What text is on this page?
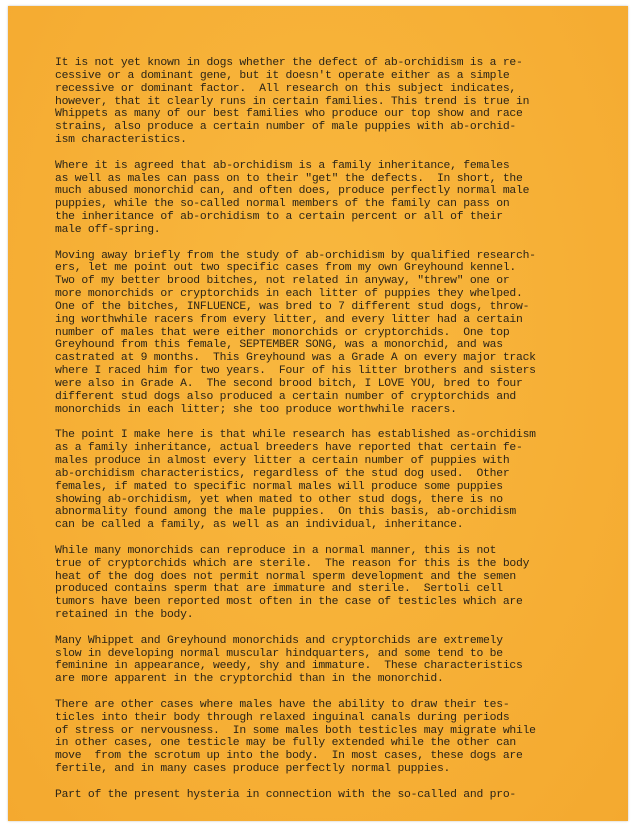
It is not yet known in dogs whether the defect of ab-orchidism is a re-
cessive or a dominant gene, but it doesn't operate either as a simple
recessive or dominant factor.  All research on this subject indicates,
however, that it clearly runs in certain families. This trend is true in
Whippets as many of our best families who produce our top show and race
strains, also produce a certain number of male puppies with ab-orchid-
ism characteristics.
Where it is agreed that ab-orchidism is a family inheritance, females
as well as males can pass on to their "get" the defects.  In short, the
much abused monorchid can, and often does, produce perfectly normal male
puppies, while the so-called normal members of the family can pass on
the inheritance of ab-orchidism to a certain percent or all of their
male off-spring.
Moving away briefly from the study of ab-orchidism by qualified research-
ers, let me point out two specific cases from my own Greyhound kennel.
Two of my better brood bitches, not related in anyway, "threw" one or
more monorchids or cryptorchids in each litter of puppies they whelped.
One of the bitches, INFLUENCE, was bred to 7 different stud dogs, throw-
ing worthwhile racers from every litter, and every litter had a certain
number of males that were either monorchids or cryptorchids.  One top
Greyhound from this female, SEPTEMBER SONG, was a monorchid, and was
castrated at 9 months.  This Greyhound was a Grade A on every major track
where I raced him for two years.  Four of his litter brothers and sisters
were also in Grade A.  The second brood bitch, I LOVE YOU, bred to four
different stud dogs also produced a certain number of cryptorchids and
monorchids in each litter; she too produce worthwhile racers.
The point I make here is that while research has established as-orchidism
as a family inheritance, actual breeders have reported that certain fe-
males produce in almost every litter a certain number of puppies with
ab-orchidism characteristics, regardless of the stud dog used.  Other
females, if mated to specific normal males will produce some puppies
showing ab-orchidism, yet when mated to other stud dogs, there is no
abnormality found among the male puppies.  On this basis, ab-orchidism
can be called a family, as well as an individual, inheritance.
While many monorchids can reproduce in a normal manner, this is not
true of cryptorchids which are sterile.  The reason for this is the body
heat of the dog does not permit normal sperm development and the semen
produced contains sperm that are immature and sterile.  Sertoli cell
tumors have been reported most often in the case of testicles which are
retained in the body.
Many Whippet and Greyhound monorchids and cryptorchids are extremely
slow in developing normal muscular hindquarters, and some tend to be
feminine in appearance, weedy, shy and immature.  These characteristics
are more apparent in the cryptorchid than in the monorchid.
There are other cases where males have the ability to draw their tes-
ticles into their body through relaxed inguinal canals during periods
of stress or nervousness.  In some males both testicles may migrate while
in other cases, one testicle may be fully extended while the other can
move  from the scrotum up into the body.  In most cases, these dogs are
fertile, and in many cases produce perfectly normal puppies.
Part of the present hysteria in connection with the so-called and pro-
